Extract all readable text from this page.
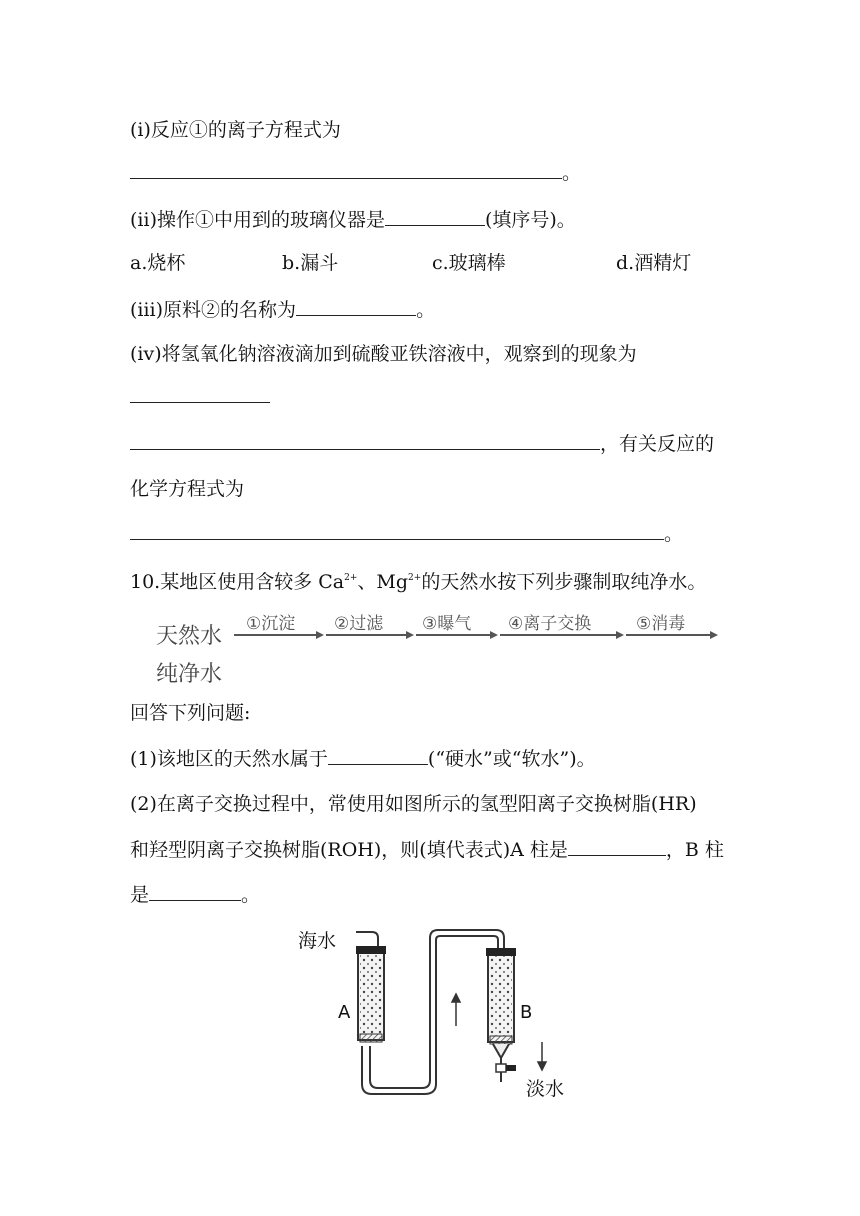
(ⅰ)反应①的离子方程式为
。
(ⅱ)操作①中用到的玻璃仪器是	(填序号)。
a.烧杯	b.漏斗	c.玻璃棒	d.酒精灯
(ⅲ)原料②的名称为	。
(ⅳ)将氢氧化钠溶液滴加到硫酸亚铁溶液中，观察到的现象为
，有关反应的
化学方程式为
。
10.某地区使用含较多 $Ca^{2+}$、$Mg^{2+}$的天然水按下列步骤制取纯净水。
天然水
纯净水
①沉淀 ②过滤 ③曝气 ④离子交换	⑤消毒
回答下列问题:
(1)该地区的天然水属于	(“硬水”或“软水”)。
(2)在离子交换过程中，常使用如图所示的氢型阳离子交换树脂(HR)
和羟型阴离子交换树脂(ROH)，则(填代表式)A 柱是	，B 柱
是	。
海水
A	B
淡水
